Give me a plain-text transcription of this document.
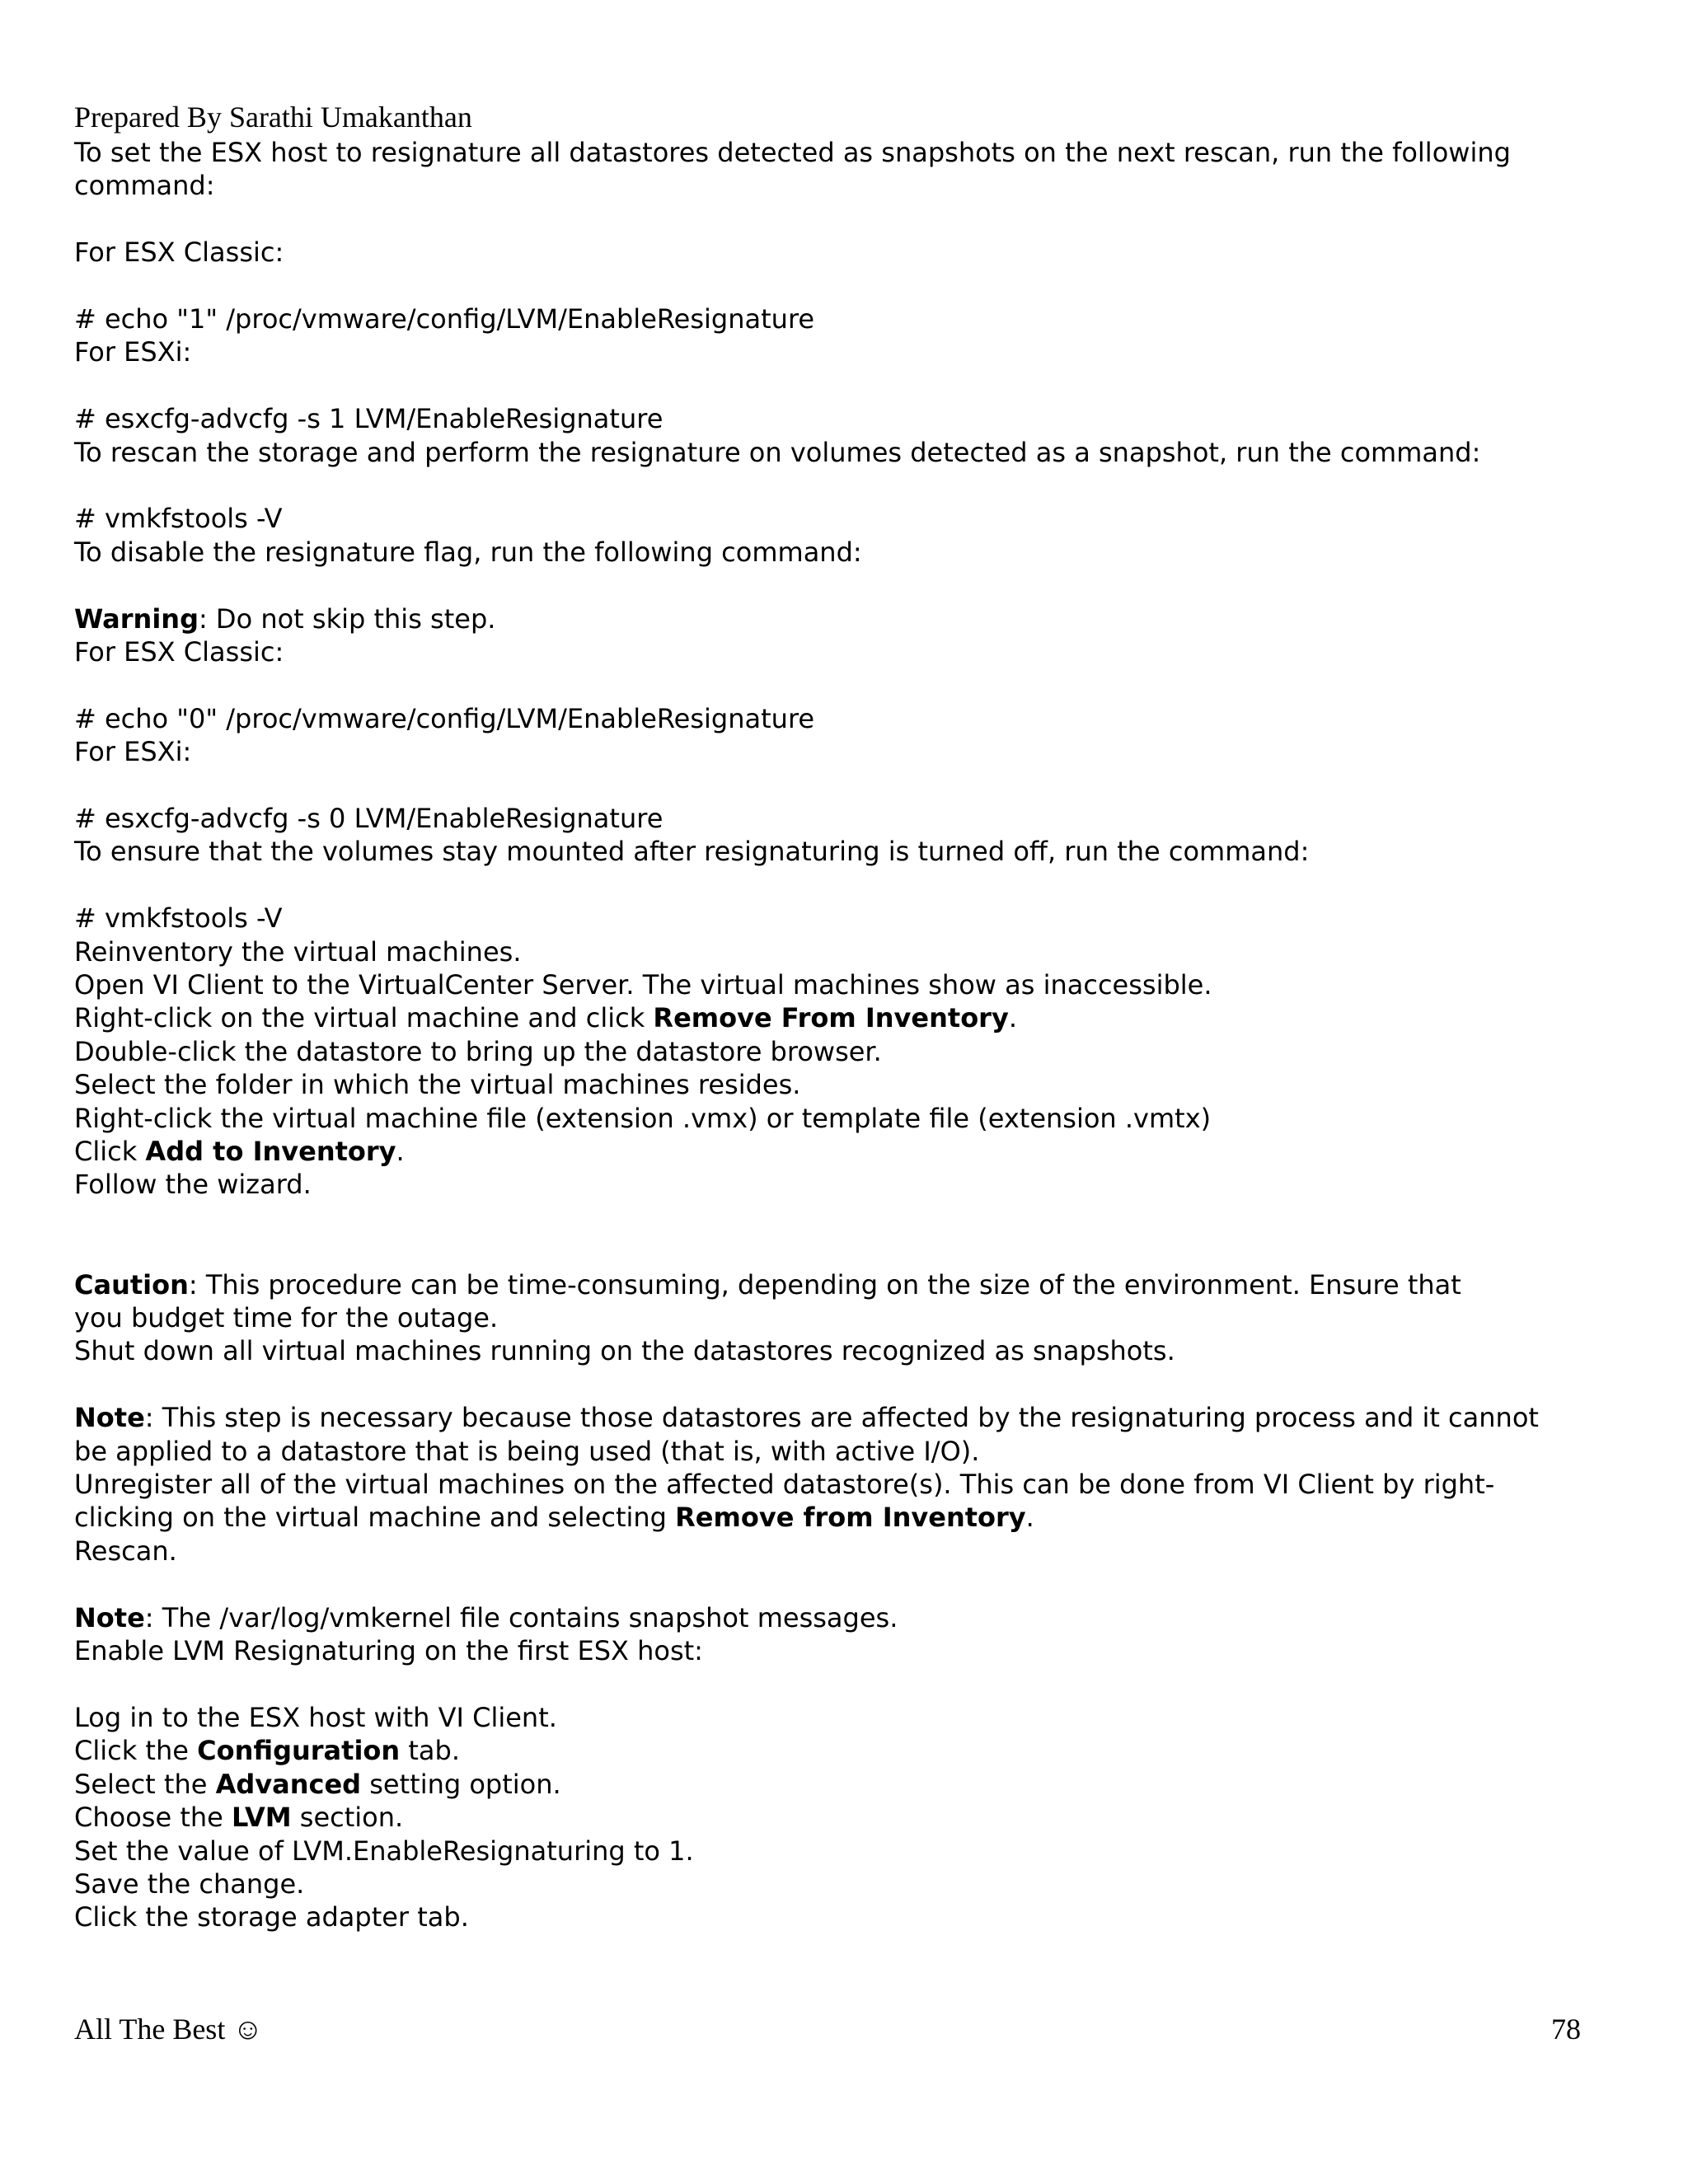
Prepared By Sarathi Umakanthan
To set the ESX host to resignature all datastores detected as snapshots on the next rescan, run the following
command:
For ESX Classic:
# echo "1" /proc/vmware/config/LVM/EnableResignature
For ESXi:
# esxcfg-advcfg -s 1 LVM/EnableResignature
To rescan the storage and perform the resignature on volumes detected as a snapshot, run the command:
# vmkfstools -V
To disable the resignature flag, run the following command:
Warning: Do not skip this step.
For ESX Classic:
# echo "0" /proc/vmware/config/LVM/EnableResignature
For ESXi:
# esxcfg-advcfg -s 0 LVM/EnableResignature
To ensure that the volumes stay mounted after resignaturing is turned off, run the command:
# vmkfstools -V
Reinventory the virtual machines.
Open VI Client to the VirtualCenter Server. The virtual machines show as inaccessible.
Right-click on the virtual machine and click Remove From Inventory.
Double-click the datastore to bring up the datastore browser.
Select the folder in which the virtual machines resides.
Right-click the virtual machine file (extension .vmx) or template file (extension .vmtx)
Click Add to Inventory.
Follow the wizard.
Caution: This procedure can be time-consuming, depending on the size of the environment. Ensure that
you budget time for the outage.
Shut down all virtual machines running on the datastores recognized as snapshots.
Note: This step is necessary because those datastores are affected by the resignaturing process and it cannot
be applied to a datastore that is being used (that is, with active I/O).
Unregister all of the virtual machines on the affected datastore(s). This can be done from VI Client by right-
clicking on the virtual machine and selecting Remove from Inventory.
Rescan.
Note: The /var/log/vmkernel file contains snapshot messages.
Enable LVM Resignaturing on the first ESX host:
Log in to the ESX host with VI Client.
Click the Configuration tab.
Select the Advanced setting option.
Choose the LVM section.
Set the value of LVM.EnableResignaturing to 1.
Save the change.
Click the storage adapter tab.
All The Best ☺	78
